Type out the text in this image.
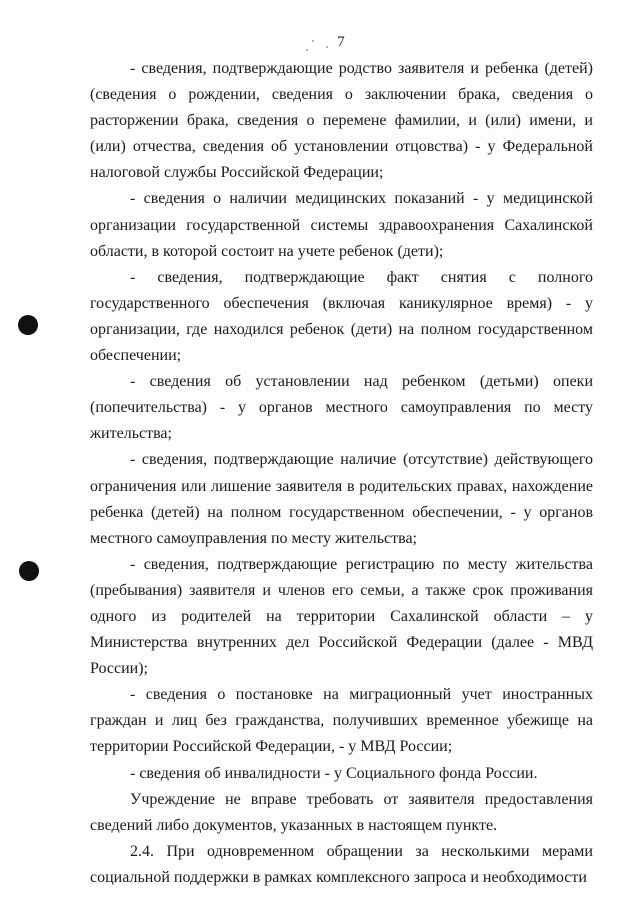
7

- сведения, подтверждающие родство заявителя и ребенка (детей) (сведения о рождении, сведения о заключении брака, сведения о расторжении брака, сведения о перемене фамилии, и (или) имени, и (или) отчества, сведения об установлении отцовства) - у Федеральной налоговой службы Российской Федерации;

- сведения о наличии медицинских показаний - у медицинской организации государственной системы здравоохранения Сахалинской области, в которой состоит на учете ребенок (дети);

- сведения, подтверждающие факт снятия с полного государственного обеспечения (включая каникулярное время) - у организации, где находился ребенок (дети) на полном государственном обеспечении;

- сведения об установлении над ребенком (детьми) опеки (попечительства) - у органов местного самоуправления по месту жительства;

- сведения, подтверждающие наличие (отсутствие) действующего ограничения или лишение заявителя в родительских правах, нахождение ребенка (детей) на полном государственном обеспечении, - у органов местного самоуправления по месту жительства;

- сведения, подтверждающие регистрацию по месту жительства (пребывания) заявителя и членов его семьи, а также срок проживания одного из родителей на территории Сахалинской области – у Министерства внутренних дел Российской Федерации (далее - МВД России);

- сведения о постановке на миграционный учет иностранных граждан и лиц без гражданства, получивших временное убежище на территории Российской Федерации, - у МВД России;

- сведения об инвалидности - у Социального фонда России.

Учреждение не вправе требовать от заявителя предоставления сведений либо документов, указанных в настоящем пункте.

2.4. При одновременном обращении за несколькими мерами социальной поддержки в рамках комплексного запроса и необходимости
